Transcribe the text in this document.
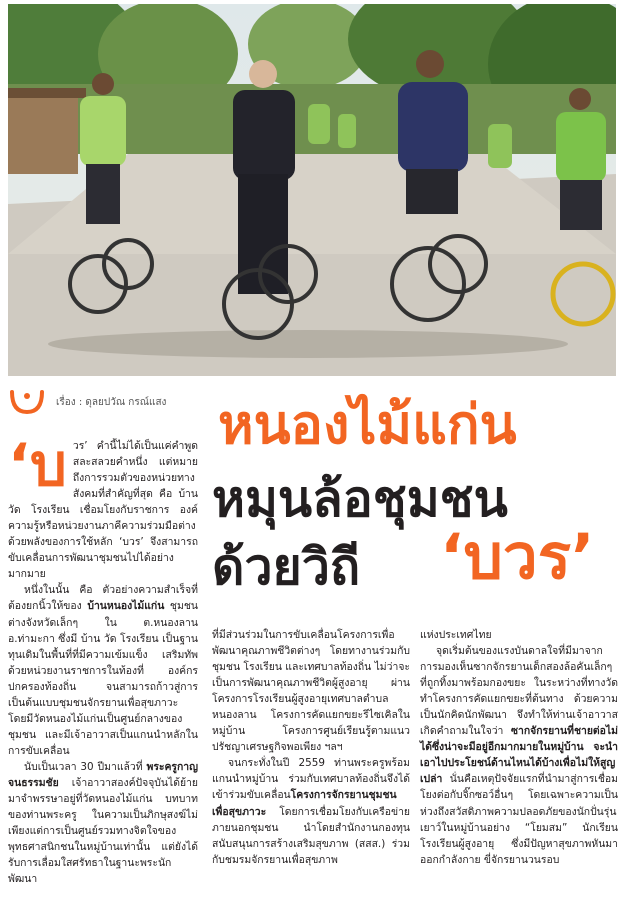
เรื่อง : ดุลยปวัณ กรณ์แสง หนองไม้แก่น
หมุนล้อชุมชน
ด้วยวิถี ‘บวร’

‘บวร’ คำนี้ไม่ได้เป็นแค่คำพูดสละสลวยคำหนึ่ง แต่หมายถึงการรวมตัวของหน่วยทางสังคมที่สำคัญที่สุด คือ บ้าน วัด โรงเรียน เชื่อมโยงกับราชการ องค์ความรู้หรือหน่วยงานภาคีความร่วมมือต่าง ด้วยพลังของการใช้หลัก ‘บวร’ จึงสามารถขับเคลื่อนการพัฒนาชุมชนไปได้อย่างมากมาย

หนึ่งในนั้น คือ ตัวอย่างความสำเร็จที่ต้องยกนิ้วให้ของ บ้านหนองไม้แก่น ชุมชนต่างจังหวัดเล็กๆ ใน ต.หนองลาน อ.ท่ามะกา ซึ่งมี บ้าน วัด โรงเรียน เป็นฐานทุนเดิมในพื้นที่ที่มีความเข้มแข็ง เสริมทัพด้วยหน่วยงานราชการในท้องที่ องค์กรปกครองท้องถิ่น จนสามารถก้าวสู่การเป็นต้นแบบชุมชนจักรยานเพื่อสุขภาวะ โดยมีวัดหนองไม้แก่นเป็นศูนย์กลางของชุมชน และมีเจ้าอาวาสเป็นแกนนำหลักในการขับเคลื่อน

นับเป็นเวลา 30 ปีมาแล้วที่ พระครูกาญจนธรรมชัย เจ้าอาวาสองค์ปัจจุบันได้ย้ายมาจำพรรษาอยู่ที่วัดหนองไม้แก่น บทบาทของท่านพระครู ในความเป็นภิกษุสงฆ์ไม่เพียงแต่การเป็นศูนย์รวมทางจิตใจของพุทธศาสนิกชนในหมู่บ้านเท่านั้น แต่ยังได้รับการเลื่อมใสศรัทธาในฐานะพระนักพัฒนา

ที่มีส่วนร่วมในการขับเคลื่อนโครงการเพื่อพัฒนาคุณภาพชีวิตต่างๆ โดยทางานร่วมกับ ชุมชน โรงเรียน และเทศบาลท้องถิ่น ไม่ว่าจะเป็นการพัฒนาคุณภาพชีวิตผู้สูงอายุ ผ่านโครงการโรงเรียนผู้สูงอายุเทศบาลตำบลหนองลาน โครงการคัดแยกขยะรีไซเคิลในหมู่บ้าน โครงการศูนย์เรียนรู้ตามแนวปรัชญาเศรษฐกิจพอเพียง ฯลฯ

จนกระทั่งในปี 2559 ท่านพระครูพร้อมแกนนำหมู่บ้าน ร่วมกับเทศบาลท้องถิ่นจึงได้เข้าร่วมขับเคลื่อนโครงการจักรยานชุมชนเพื่อสุขภาวะ โดยการเชื่อมโยงกับเครือข่ายภายนอกชุมชน นำโดยสำนักงานกองทุนสนับสนุนการสร้างเสริมสุขภาพ (สสส.) ร่วมกับชมรมจักรยานเพื่อสุขภาพ

แห่งประเทศไทย

จุดเริ่มต้นของแรงบันดาลใจที่มีมาจากการมองเห็นซากจักรยานเด็กสองล้อคันเล็กๆ ที่ถูกทิ้งมาพร้อมกองขยะ ในระหว่างที่ทางวัดทำโครงการคัดแยกขยะที่ต้นทาง ด้วยความเป็นนักคิดนักพัฒนา จึงทำให้ท่านเจ้าอาวาสเกิดคำถามในใจว่า ซากจักรยานที่ชายต่อไม่ได้ซึ่งน่าจะมีอยู่อีกมากมายในหมู่บ้าน จะนำเอาไปประโยชน์ด้านไหนได้บ้างเพื่อไม่ให้สูญเปล่า นั่นคือเหตุปัจจัยแรกที่นำมาสู่การเชื่อมโยงต่อกับจิ๊กซอว์อื่นๆ โดยเฉพาะความเป็นห่วงถึงสวัสดิภาพความปลอดภัยของนักปั่นรุ่นเยาว์ในหมู่บ้านอย่าง “โยมสม” นักเรียนโรงเรียนผู้สูงอายุ ซึ่งมีปัญหาสุขภาพหันมาออกกำลังกาย ขี่จักรยานวนรอบ
